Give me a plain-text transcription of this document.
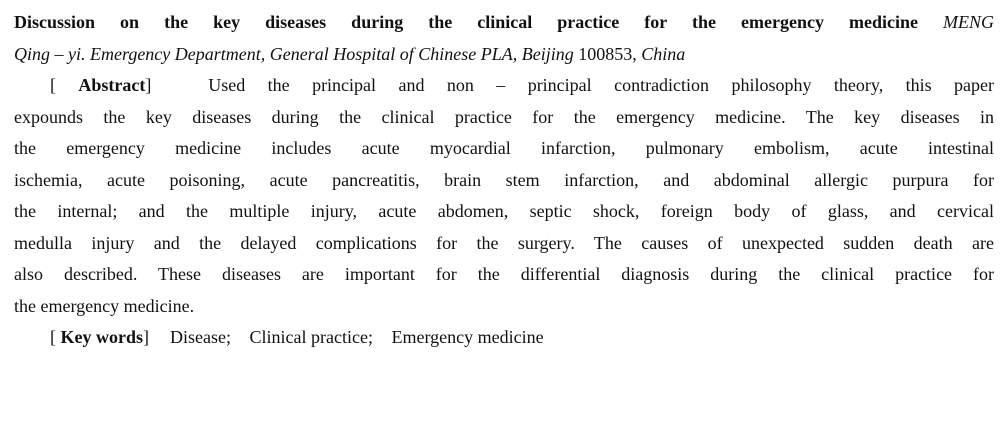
Discussion on the key diseases during the clinical practice for the emergency medicine MENG
Qing – yi. Emergency Department, General Hospital of Chinese PLA, Beijing 100853, China
[ Abstract]	Used the principal and non – principal contradiction philosophy theory, this paper
expounds the key diseases during the clinical practice for the emergency medicine. The key diseases in
the emergency medicine includes acute myocardial infarction, pulmonary embolism, acute intestinal
ischemia, acute poisoning, acute pancreatitis, brain stem infarction, and abdominal allergic purpura for
the internal; and the multiple injury, acute abdomen, septic shock, foreign body of glass, and cervical
medulla injury and the delayed complications for the surgery. The causes of unexpected sudden death are
also described. These diseases are important for the differential diagnosis during the clinical practice for
the emergency medicine.
[ Key words] Disease; Clinical practice; Emergency medicine
